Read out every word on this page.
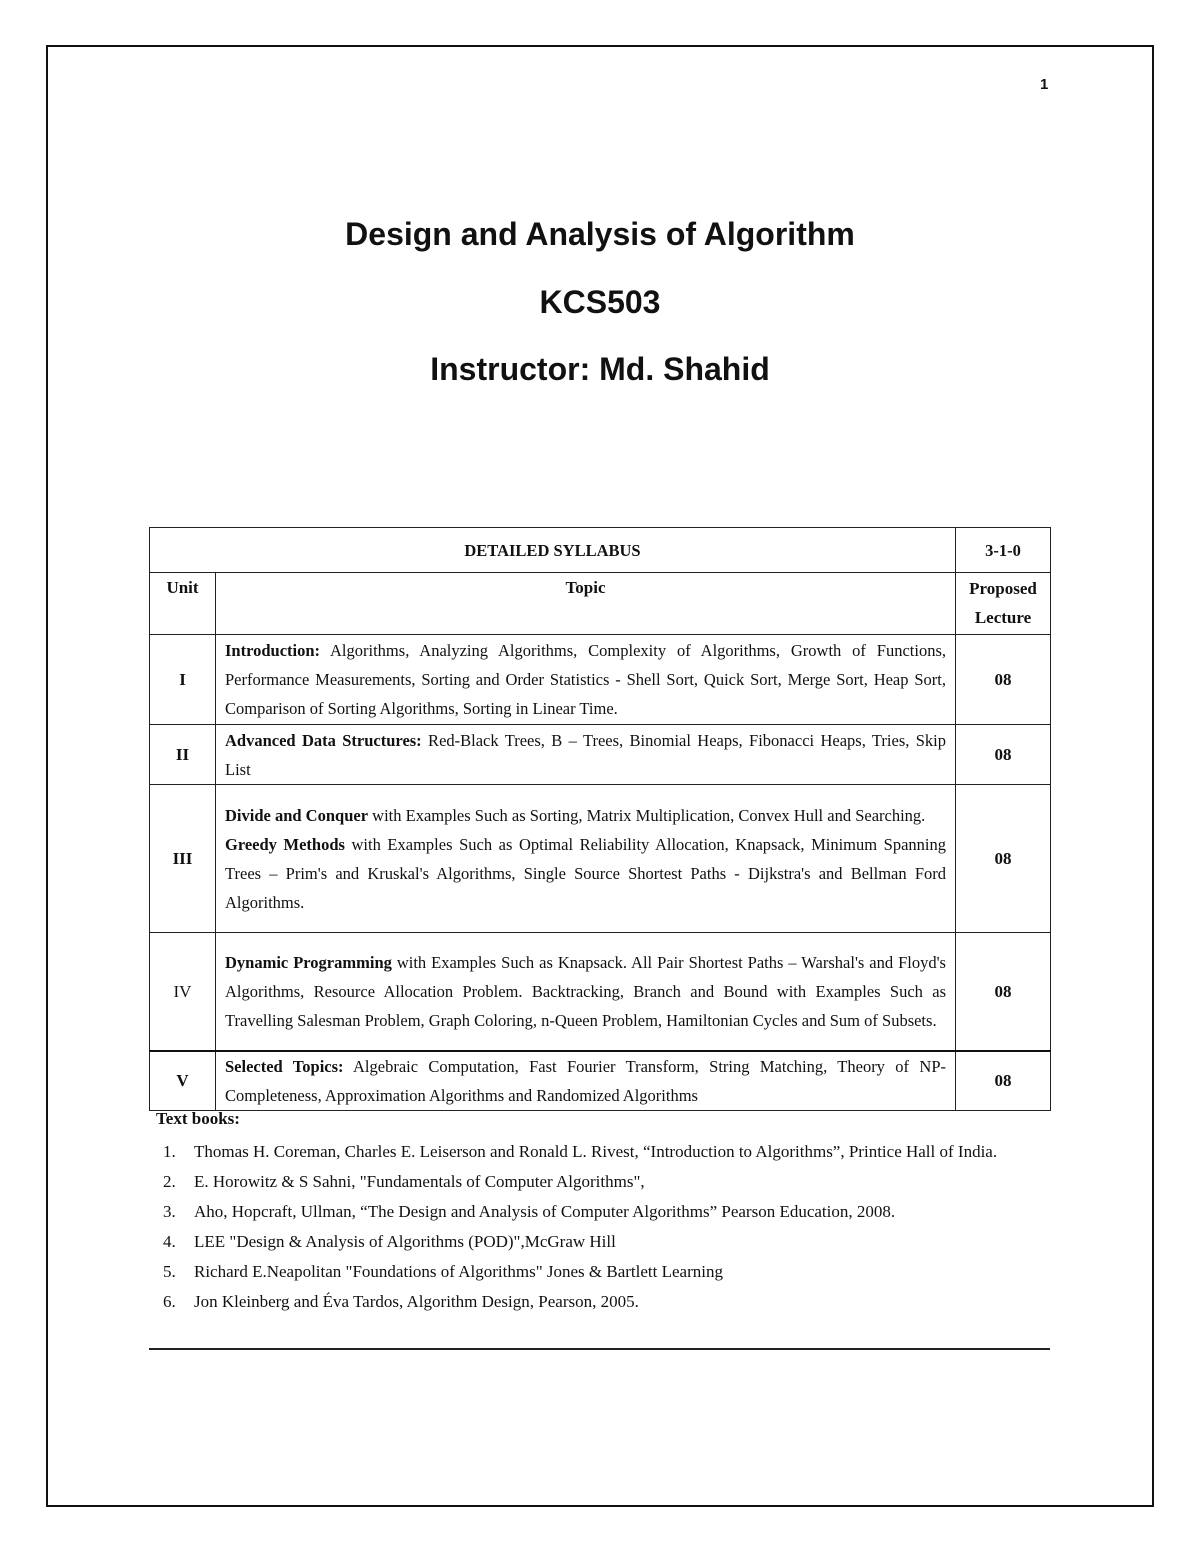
1
Design and Analysis of Algorithm
KCS503
Instructor: Md. Shahid
DETAILED SYLLABUS		3-1-0
Unit	Topic	Proposed Lecture
I	Introduction: Algorithms, Analyzing Algorithms, Complexity of Algorithms, Growth of Functions, Performance Measurements, Sorting and Order Statistics - Shell Sort, Quick Sort, Merge Sort, Heap Sort, Comparison of Sorting Algorithms, Sorting in Linear Time.	08
II	Advanced Data Structures: Red-Black Trees, B – Trees, Binomial Heaps, Fibonacci Heaps, Tries, Skip List	08
III	Divide and Conquer with Examples Such as Sorting, Matrix Multiplication, Convex Hull and Searching.
Greedy Methods with Examples Such as Optimal Reliability Allocation, Knapsack, Minimum Spanning Trees – Prim's and Kruskal's Algorithms, Single Source Shortest Paths - Dijkstra's and Bellman Ford Algorithms.	08
IV	Dynamic Programming with Examples Such as Knapsack. All Pair Shortest Paths – Warshal's and Floyd's Algorithms, Resource Allocation Problem. Backtracking, Branch and Bound with Examples Such as Travelling Salesman Problem, Graph Coloring, n-Queen Problem, Hamiltonian Cycles and Sum of Subsets.	08
V	Selected Topics: Algebraic Computation, Fast Fourier Transform, String Matching, Theory of NP-Completeness, Approximation Algorithms and Randomized Algorithms	08
Text books:
1. Thomas H. Coreman, Charles E. Leiserson and Ronald L. Rivest, “Introduction to Algorithms”, Printice Hall of India.
2. E. Horowitz & S Sahni, "Fundamentals of Computer Algorithms",
3. Aho, Hopcraft, Ullman, “The Design and Analysis of Computer Algorithms” Pearson Education, 2008.
4. LEE "Design & Analysis of Algorithms (POD)",McGraw Hill
5. Richard E.Neapolitan "Foundations of Algorithms" Jones & Bartlett Learning
6. Jon Kleinberg and Éva Tardos, Algorithm Design, Pearson, 2005.
